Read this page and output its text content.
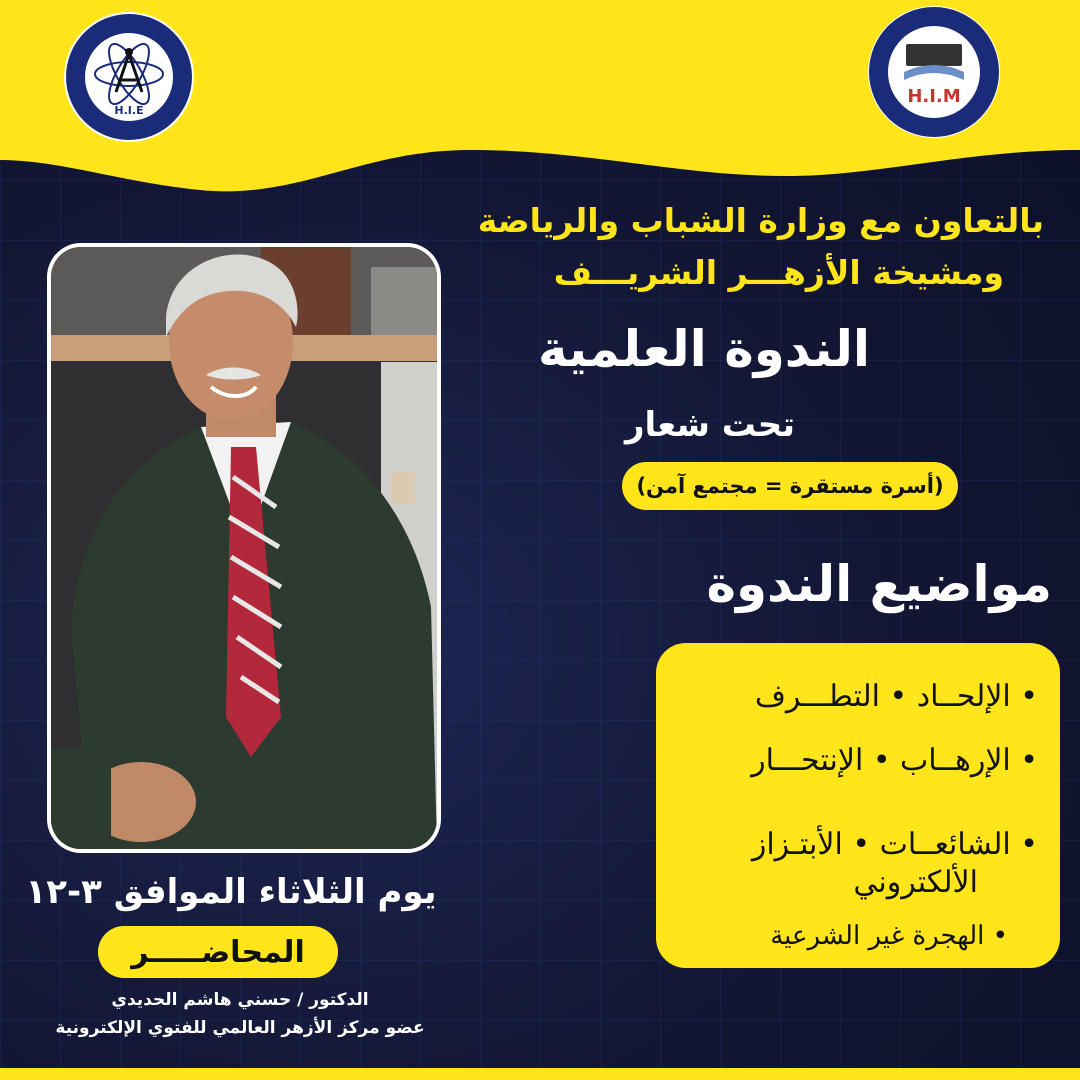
H.I.E
H.I.M
بالتعاون مع وزارة الشباب والرياضة
ومشيخة الأزهـــر الشريـــف
الندوة العلمية
تحت شعار
(أسرة مستقرة = مجتمع آمن)
مواضيع الندوة
• الإلحــاد • التطـــرف
• الإرهــاب • الإنتحـــار
• الشائعــات • الأبتـزاز
الألكتروني
• الهجرة غير الشرعية
يوم الثلاثاء الموافق ٣-١٢
المحاضـــــر
الدكتور / حسني هاشم الحديدي
عضو مركز الأزهر العالمي للفتوي الإلكترونية
